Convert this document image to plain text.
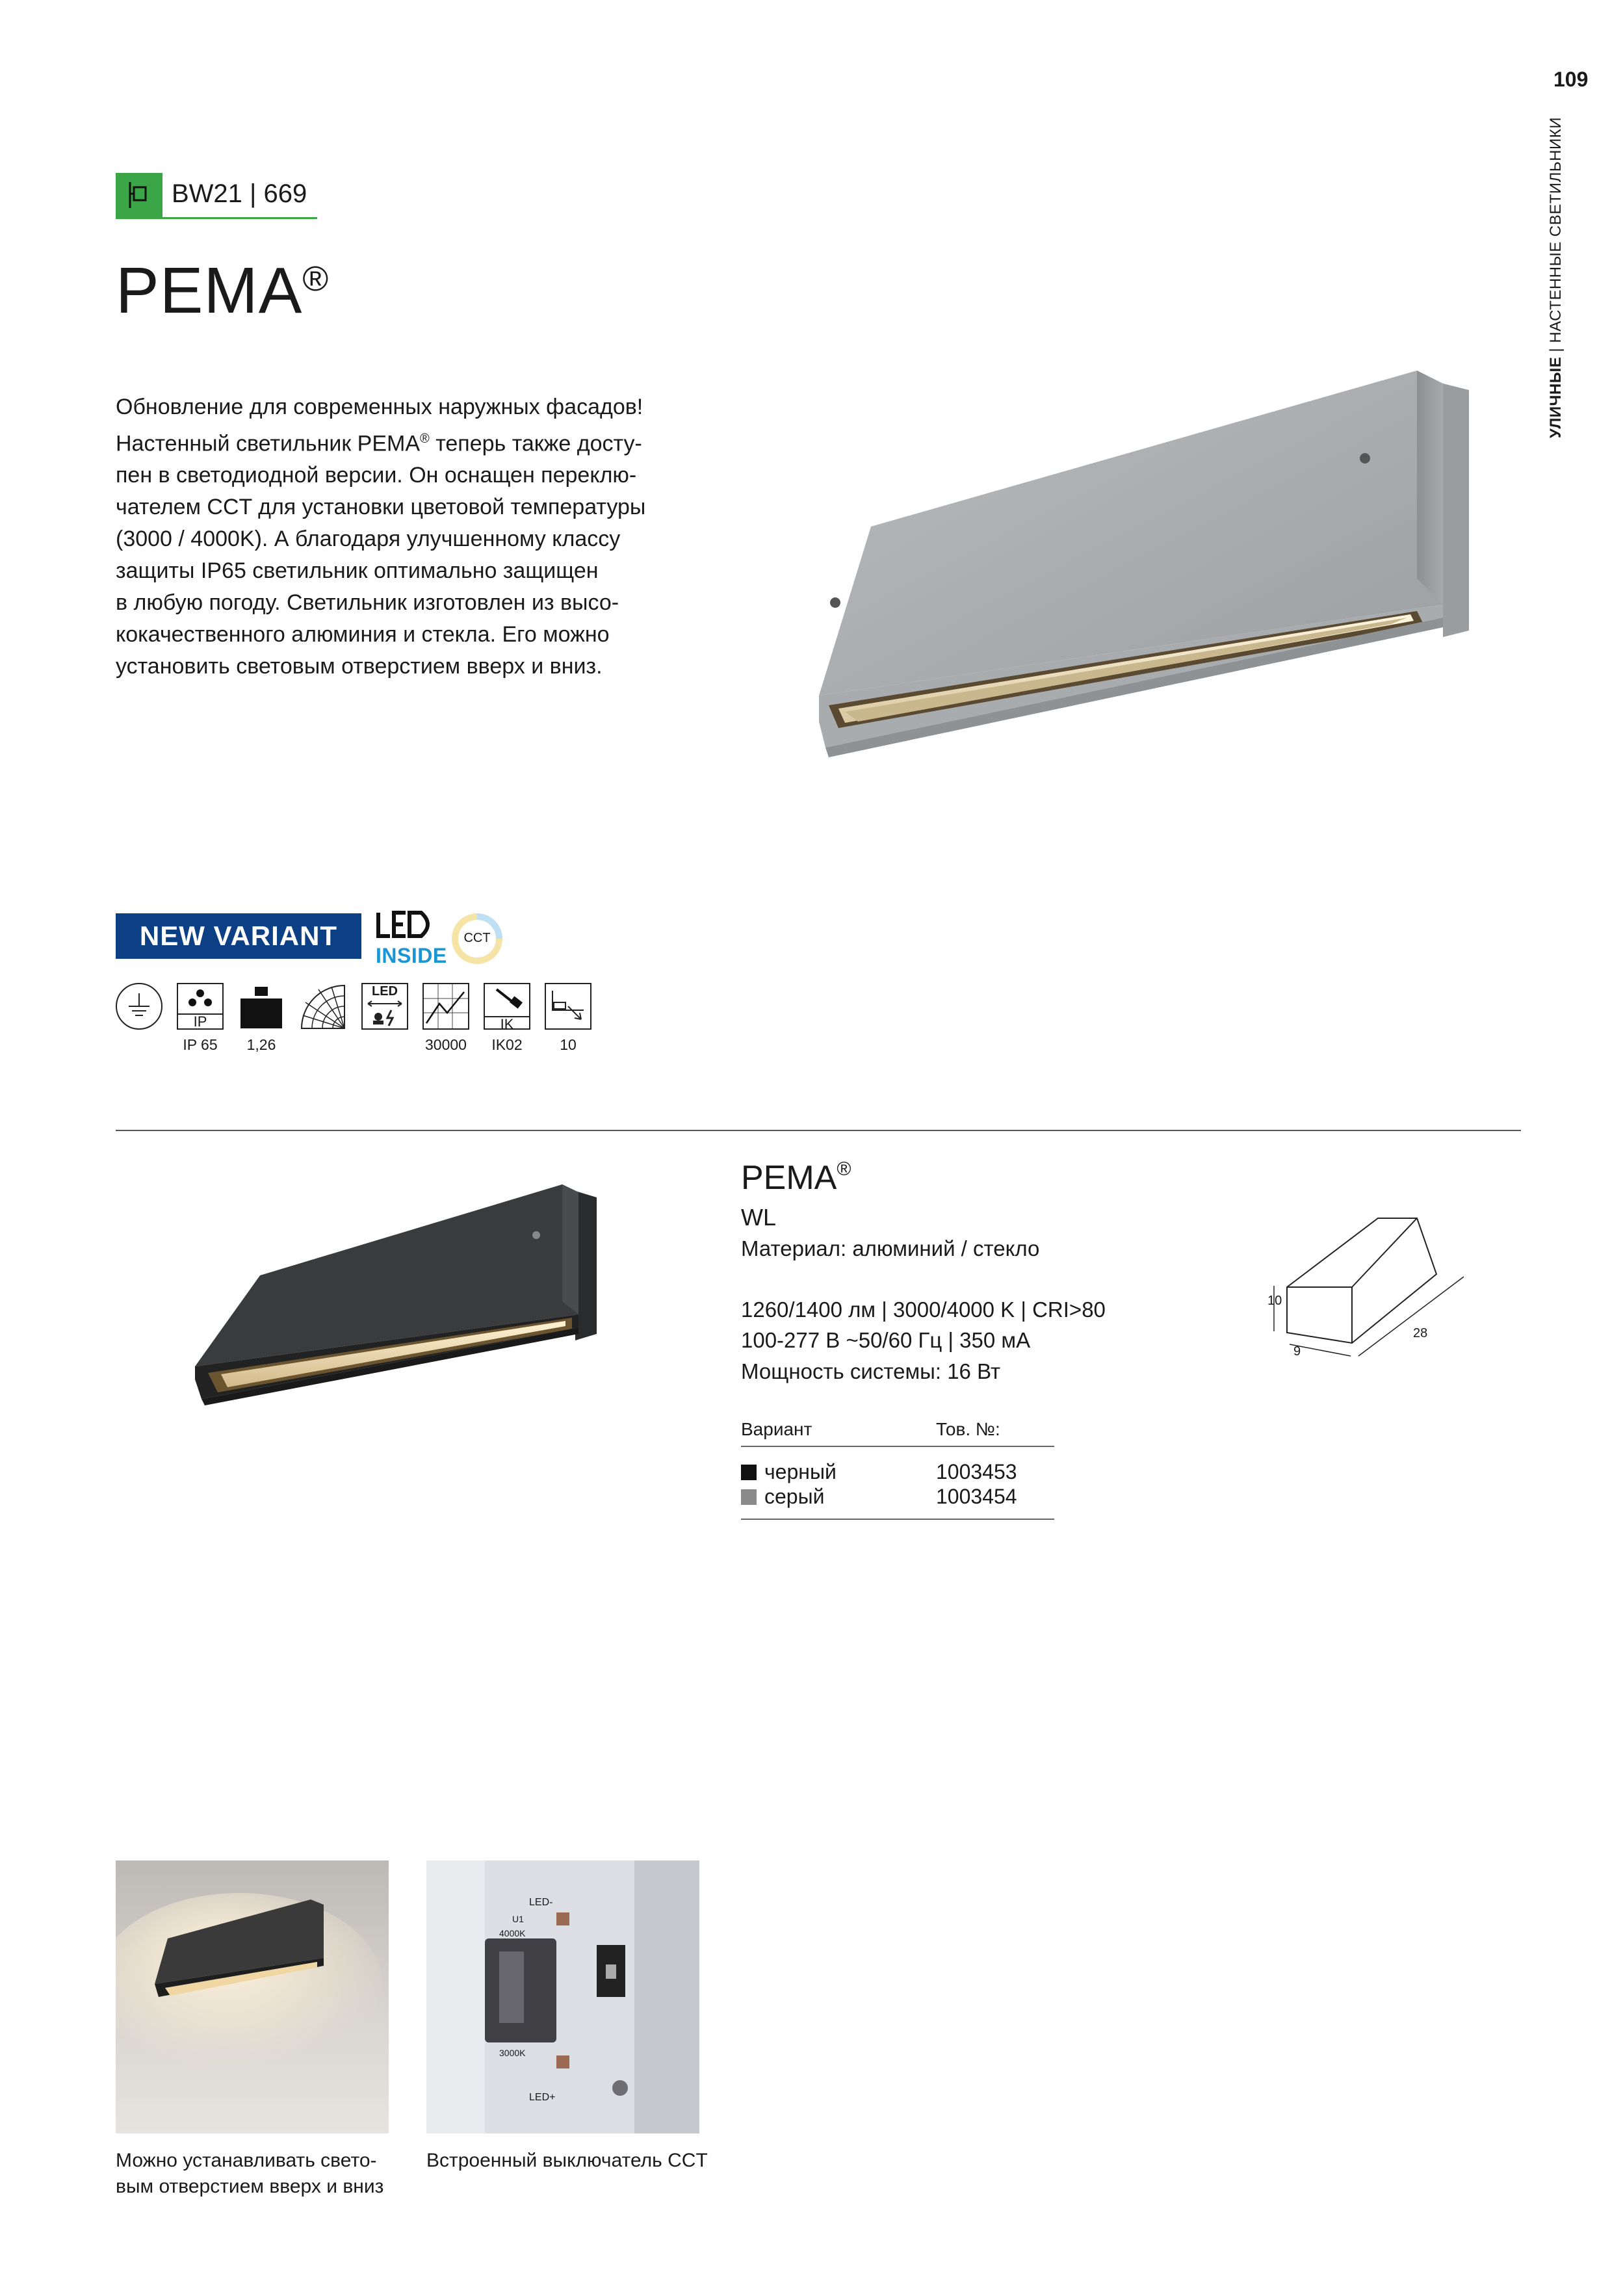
109
УЛИЧНЫЕ | НАСТЕННЫЕ СВЕТИЛЬНИКИ
BW21 | 669
PEMA®

Обновление для современных наружных фасадов!

Настенный светильник PEMA® теперь также досту-

пен в светодиодной версии. Он оснащен переклю-

чателем CCT для установки цветовой температуры

(3000 / 4000K). А благодаря улучшенному классу

защиты IP65 светильник оптимально защищен

в любую погоду. Светильник изготовлен из высо-

кокачественного алюминия и стекла. Его можно

установить световым отверстием вверх и вниз.

NEW VARIANT
INSIDE
CCT
IP
LED
IK
IP 65	1,26	30000	IK02	10
PEMA®
WL
Материал: алюминий / стекло
1260/1400 лм | 3000/4000 K | CRI>80
100-277 В ~50/60 Гц | 350 мА
Мощность системы: 16 Вт
10
9
28
Вариант	Тов. №:
черный	1003453
серый	1003454
LED-
U1
4000K
3000K
LED+

Можно устанавливать свето-

вым отверстием вверх и вниз

Встроенный выключатель CCT
